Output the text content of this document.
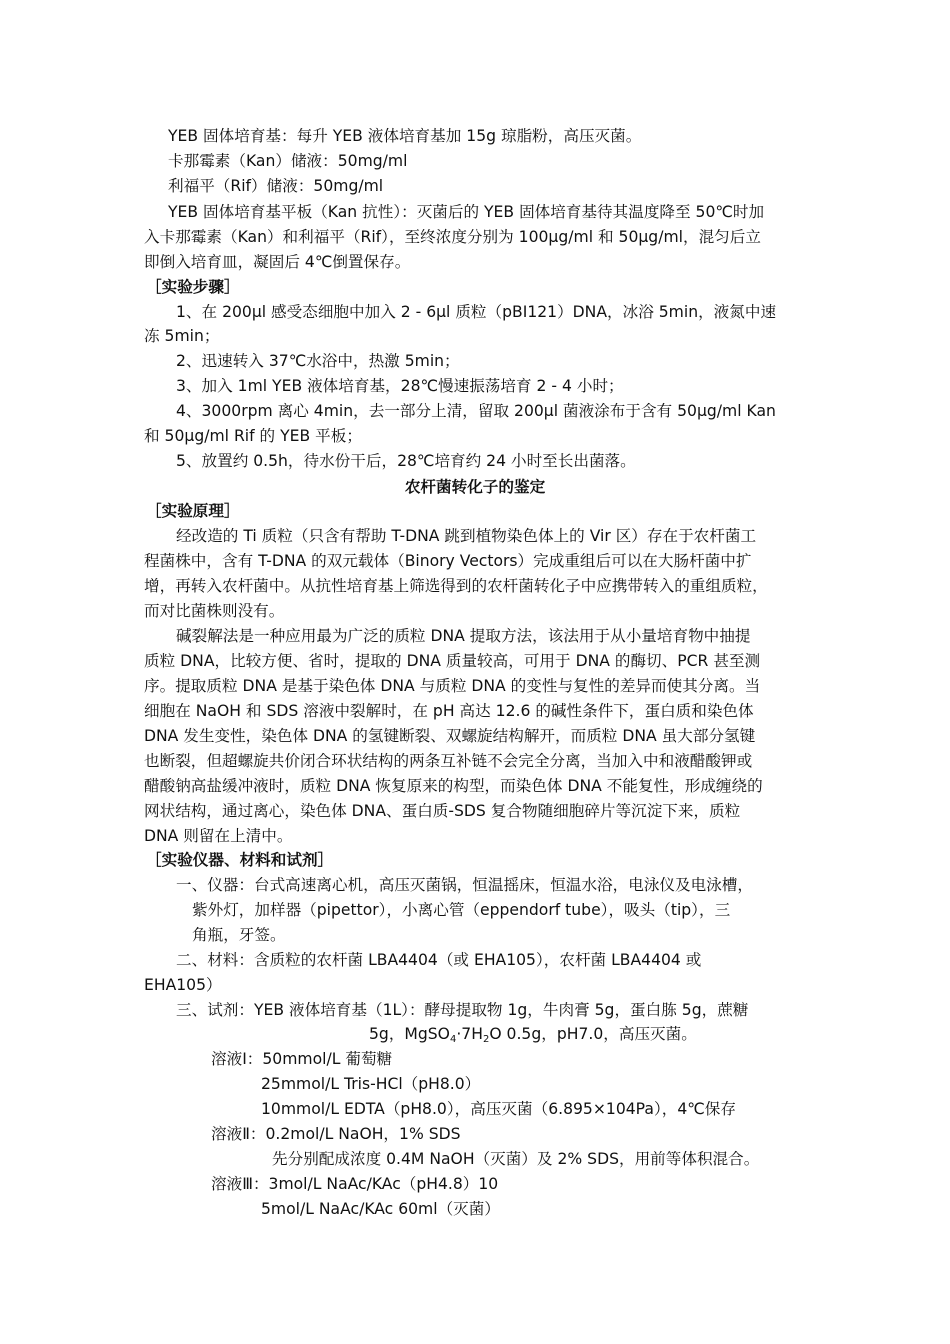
YEB 固体培育基：每升 YEB 液体培育基加 15g 琼脂粉，高压灭菌。

卡那霉素（Kan）储液：50mg/ml

利福平（Rif）储液：50mg/ml

YEB 固体培育基平板（Kan 抗性）：灭菌后的 YEB 固体培育基待其温度降至 50℃时加

入卡那霉素（Kan）和利福平（Rif），至终浓度分别为 100μg/ml 和 50μg/ml，混匀后立

即倒入培育皿，凝固后 4℃倒置保存。

［实验步骤］

1、在 200μl 感受态细胞中加入 2 - 6μl 质粒（pBI121）DNA，冰浴 5min，液氮中速

冻 5min；

2、迅速转入 37℃水浴中，热激 5min；

3、加入 1ml YEB 液体培育基，28℃慢速振荡培育 2 - 4 小时；

4、3000rpm 离心 4min，去一部分上清，留取 200μl 菌液涂布于含有 50μg/ml Kan

和 50μg/ml Rif 的 YEB 平板；

5、放置约 0.5h，待水份干后，28℃培育约 24 小时至长出菌落。

农杆菌转化子的鉴定

［实验原理］

经改造的 Ti 质粒（只含有帮助 T-DNA 跳到植物染色体上的 Vir 区）存在于农杆菌工

程菌株中，含有 T-DNA 的双元载体（Binory Vectors）完成重组后可以在大肠杆菌中扩

增，再转入农杆菌中。从抗性培育基上筛选得到的农杆菌转化子中应携带转入的重组质粒，

而对比菌株则没有。

碱裂解法是一种应用最为广泛的质粒 DNA 提取方法，该法用于从小量培育物中抽提

质粒 DNA，比较方便、省时，提取的 DNA 质量较高，可用于 DNA 的酶切、PCR 甚至测

序。提取质粒 DNA 是基于染色体 DNA 与质粒 DNA 的变性与复性的差异而使其分离。当

细胞在 NaOH 和 SDS 溶液中裂解时，在 pH 高达 12.6 的碱性条件下，蛋白质和染色体

DNA 发生变性，染色体 DNA 的氢键断裂、双螺旋结构解开，而质粒 DNA 虽大部分氢键

也断裂，但超螺旋共价闭合环状结构的两条互补链不会完全分离，当加入中和液醋酸钾或

醋酸钠高盐缓冲液时，质粒 DNA 恢复原来的构型，而染色体 DNA 不能复性，形成缠绕的

网状结构，通过离心，染色体 DNA、蛋白质-SDS 复合物随细胞碎片等沉淀下来，质粒

DNA 则留在上清中。

［实验仪器、材料和试剂］

一、仪器：台式高速离心机，高压灭菌锅，恒温摇床，恒温水浴，电泳仪及电泳槽，

紫外灯，加样器（pipettor），小离心管（eppendorf tube），吸头（tip），三

角瓶，牙签。

二、材料：含质粒的农杆菌 LBA4404（或 EHA105），农杆菌 LBA4404 或

EHA105）

三、试剂：YEB 液体培育基（1L）：酵母提取物 1g，牛肉膏 5g，蛋白胨 5g，蔗糖

5g，$MgSO_4\cdot 7H_2O$ 0.5g，pH7.0，高压灭菌。

溶液Ⅰ：50mmol/L 葡萄糖

25mmol/L Tris-HCl（pH8.0）

10mmol/L EDTA（pH8.0），高压灭菌（6.895×104Pa），4℃保存

溶液Ⅱ：0.2mol/L NaOH，1% SDS

先分别配成浓度 0.4M NaOH（灭菌）及 2% SDS，用前等体积混合。

溶液Ⅲ：3mol/L NaAc/KAc（pH4.8）10

5mol/L NaAc/KAc 60ml（灭菌）
